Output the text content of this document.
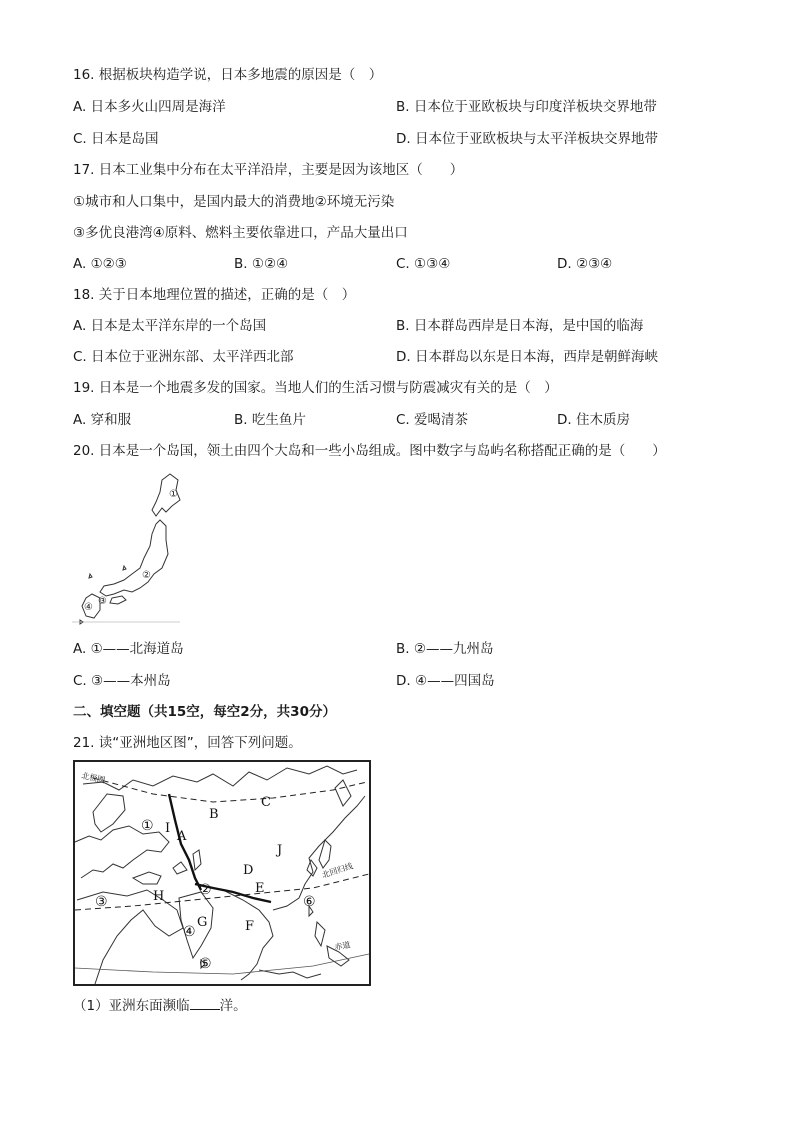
16. 根据板块构造学说，日本多地震的原因是（　）
A. 日本多火山四周是海洋	B. 日本位于亚欧板块与印度洋板块交界地带
C. 日本是岛国	D. 日本位于亚欧板块与太平洋板块交界地带
17. 日本工业集中分布在太平洋沿岸，主要是因为该地区（　　）
①城市和人口集中，是国内最大的消费地②环境无污染
③多优良港湾④原料、燃料主要依靠进口，产品大量出口
A. ①②③	B. ①②④	C. ①③④	D. ②③④
18. 关于日本地理位置的描述，正确的是（　）
A. 日本是太平洋东岸的一个岛国	B. 日本群岛西岸是日本海，是中国的临海
C. 日本位于亚洲东部、太平洋西北部	D. 日本群岛以东是日本海，西岸是朝鲜海峡
19. 日本是一个地震多发的国家。当地人们的生活习惯与防震减灾有关的是（　）
A. 穿和服	B. 吃生鱼片	C. 爱喝清茶	D. 住木质房
20. 日本是一个岛国，领土由四个大岛和一些小岛组成。图中数字与岛屿名称搭配正确的是（　　）
①
②
③
④
A. ①——北海道岛	B. ②——九州岛
C. ③——本州岛	D. ④——四国岛
二、填空题（共15空，每空2分，共30分）
21. 读“亚洲地区图”，回答下列问题。
A
B
C
D
E
F
G
H
I
J
①
②
③
④
⑤
⑥
北极圈
北回归线
赤道
（1）亚洲东面濒临 洋。
